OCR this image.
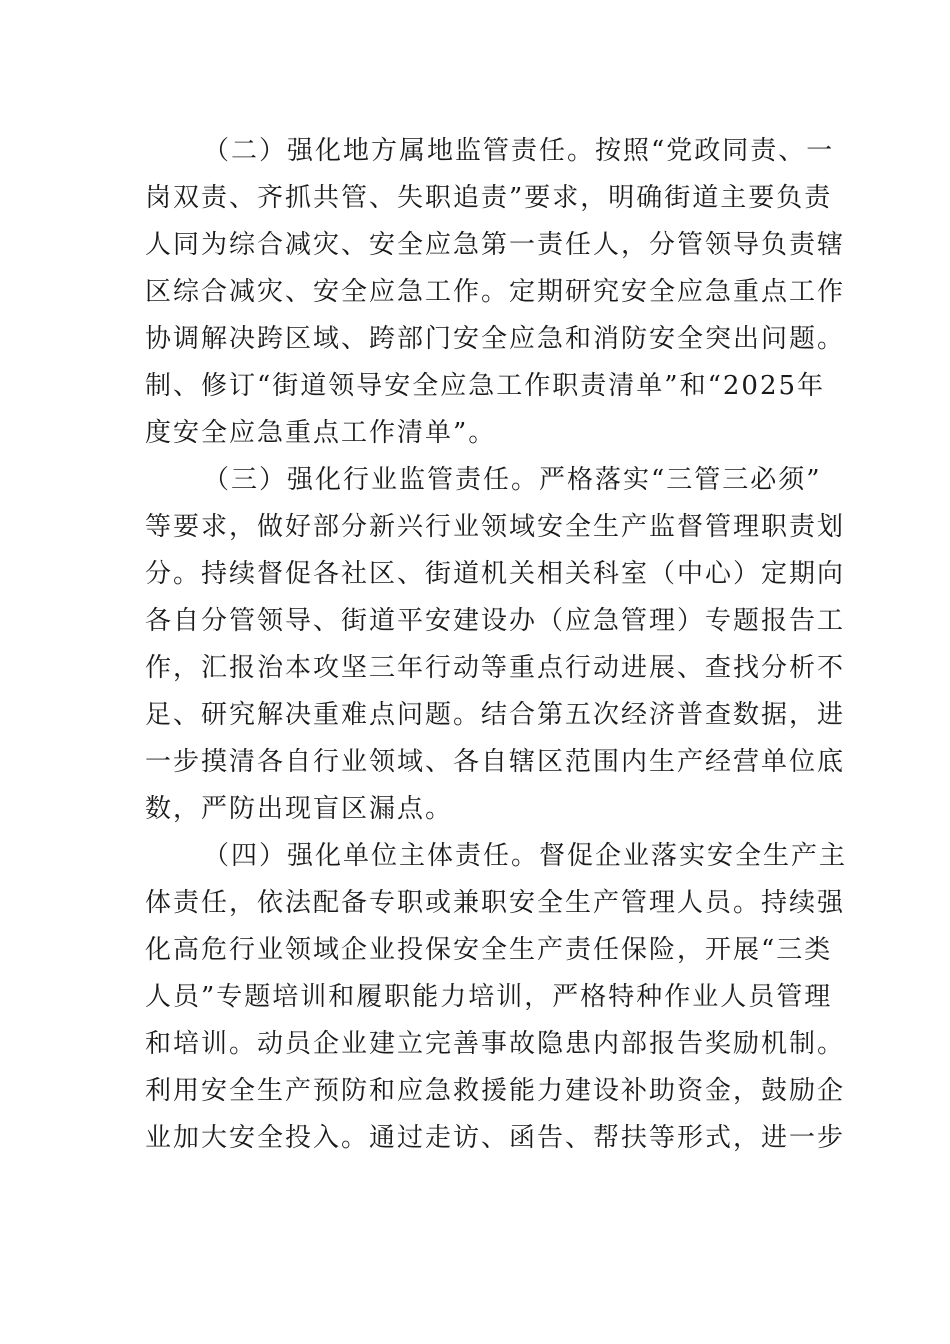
（二）强化地方属地监管责任。按照“党政同责、一
岗双责、齐抓共管、失职追责”要求，明确街道主要负责
人同为综合减灾、安全应急第一责任人，分管领导负责辖
区综合减灾、安全应急工作。定期研究安全应急重点工作
协调解决跨区域、跨部门安全应急和消防安全突出问题。
制、修订“街道领导安全应急工作职责清单”和“2025年
度安全应急重点工作清单”。
（三）强化行业监管责任。严格落实“三管三必须”
等要求，做好部分新兴行业领域安全生产监督管理职责划
分。持续督促各社区、街道机关相关科室（中心）定期向
各自分管领导、街道平安建设办（应急管理）专题报告工
作，汇报治本攻坚三年行动等重点行动进展、查找分析不
足、研究解决重难点问题。结合第五次经济普查数据，进
一步摸清各自行业领域、各自辖区范围内生产经营单位底
数，严防出现盲区漏点。
（四）强化单位主体责任。督促企业落实安全生产主
体责任，依法配备专职或兼职安全生产管理人员。持续强
化高危行业领域企业投保安全生产责任保险，开展“三类
人员”专题培训和履职能力培训，严格特种作业人员管理
和培训。动员企业建立完善事故隐患内部报告奖励机制。
利用安全生产预防和应急救援能力建设补助资金，鼓励企
业加大安全投入。通过走访、函告、帮扶等形式，进一步
